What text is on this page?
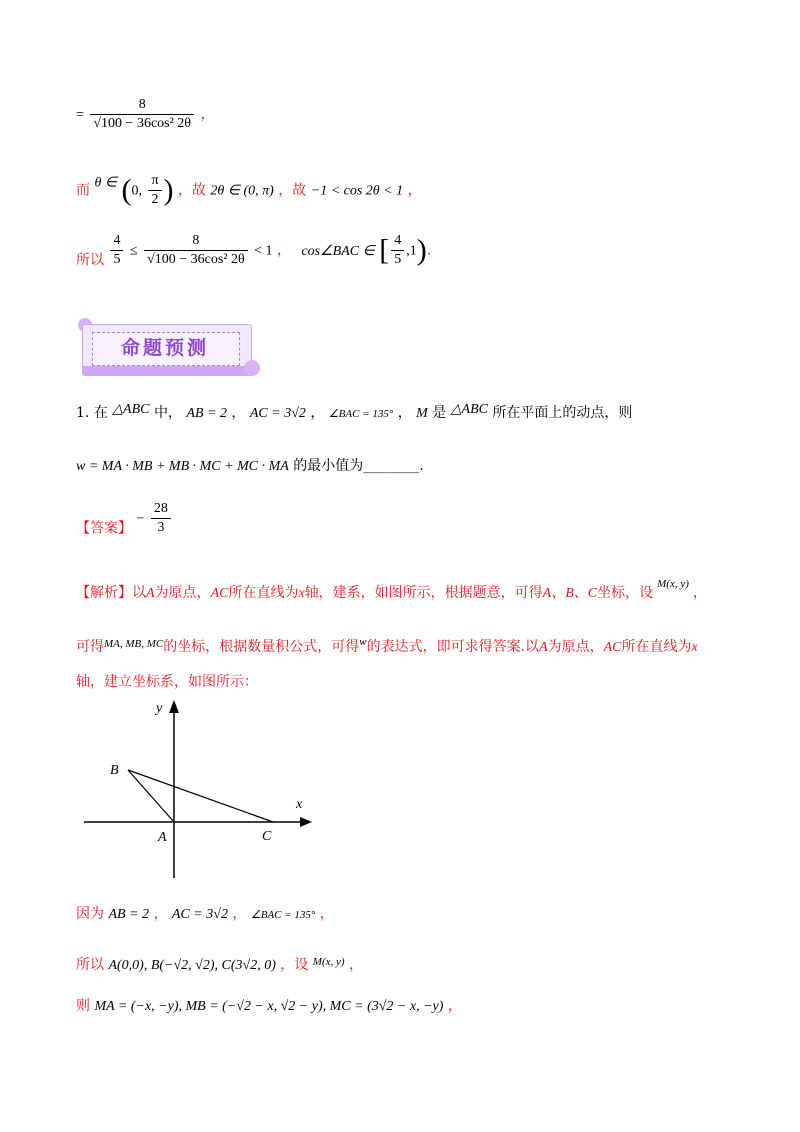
= $\frac{8}{\text{√100 − 36cos² 2θ}}$ ，
而 θ ∈ (0, $\frac{\pi}{2}$ ) ，故 2θ ∈ (0, π) ，故 −1 < cos 2θ < 1 ，
所以 $\frac{4}{5} \le \frac{8}{\text{√100 − 36cos² 2θ}} < 1$ ， cos∠BAC ∈ [ $\frac{4}{5} ,1$).
命题预测
1. 在 △ABC 中， AB = 2 ， AC = 3√2 ， ∠BAC = 135° ， M 是 △ABC 所在平面上的动点，则
w = MA · MB + MB · MC + MC · MA 的最小值为________.
【答案】 − $\frac{28}{3}$
【解析】以A为原点，AC所在直线为x轴，建系，如图所示，根据题意，可得A、B、C坐标，设$^{M(x, y)}$，
可得$^{MA, MB, MC}$的坐标，根据数量积公式，可得$^w$的表达式，即可求得答案.以A为原点，AC所在直线为x
轴，建立坐标系，如图所示：
y
x
B
A	C
因为 AB = 2 ， AC = 3√2 ， ∠BAC = 135° ，
所以 A(0,0), B(−√2, √2), C(3√2, 0) ，设 $^{M(x, y)}$ ，
则 MA = (−x, −y), MB = (−√2 − x, √2 − y), MC = (3√2 − x, −y) ，
